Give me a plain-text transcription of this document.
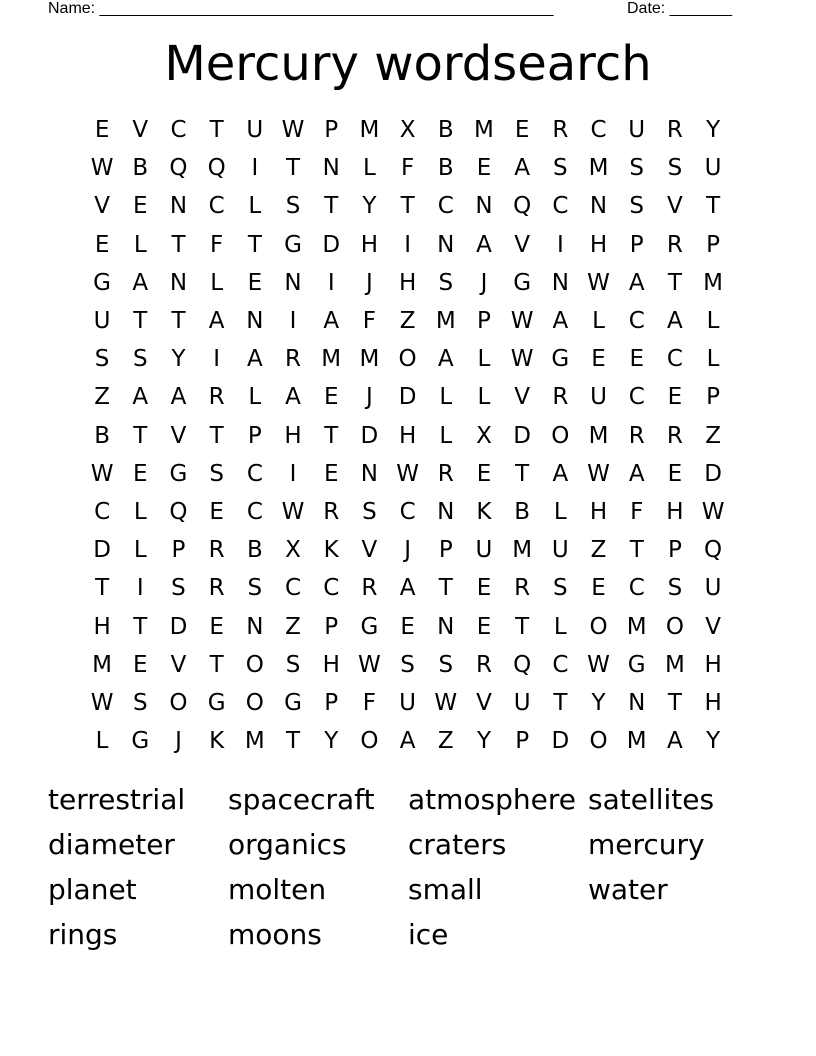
Name: ___________________________________________________	Date: _______
Mercury wordsearch
E	V C	T U W P M X B M E R C U R	Y
W B Q Q	I	T N	L	F	B	E	A	S M S	S U
V	E N C	L	S	T	Y	T	C N Q C N S	V	T
E	L	T	F	T G D H	I	N A V	I	H P	R	P
G A N	L	E N	I	J	H S	J	G N W A	T M
U T	T	A N	I	A	F	Z M P W A	L	C A	L
S	S	Y	I	A R M M O A	L W G E	E C	L
Z A A R	L	A	E	J	D L	L	V R U C E	P
B	T	V	T	P H T D H	L	X D O M R R Z
W E G S C	I	E N W R E	T	A W A	E D
C	L Q E C W R S C N K B	L	H F H W
D L	P	R B X K V	J	P U M U Z	T	P Q
T	I	S R S C C R A	T	E R S	E C S U
H T D E N Z	P G E N E	T	L O M O V
M E	V	T O S H W S	S R Q C W G M H
W S O G O G P	F	U W V U T	Y N T H
L G	J	K M T	Y O A Z	Y	P D O M A	Y
terrestrial	spacecraft	atmosphere satellites
diameter	organics	craters	mercury
planet	molten	small	water
rings	moons	ice
